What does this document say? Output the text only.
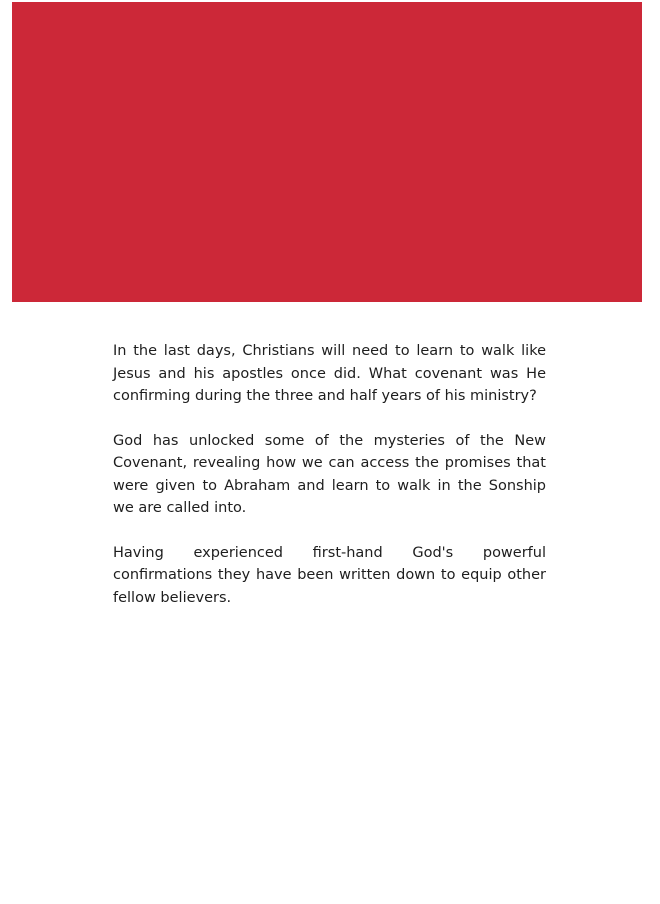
In the last days, Christians will need to learn to walk like Jesus and his apostles once did. What covenant was He confirming during the three and half years of his ministry?

God has unlocked some of the mysteries of the New Covenant, revealing how we can access the promises that were given to Abraham and learn to walk in the Sonship we are called into.

Having experienced first-hand God's powerful confirmations they have been written down to equip other fellow believers.
